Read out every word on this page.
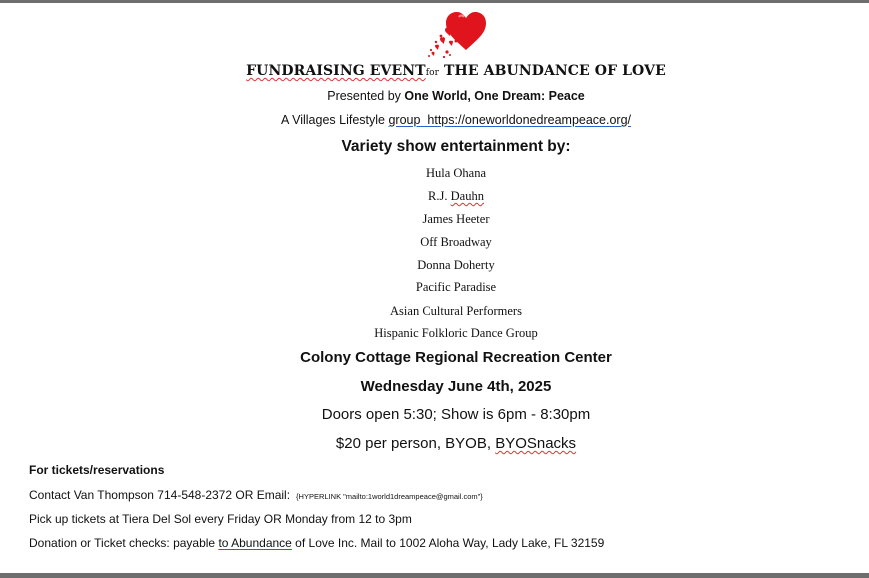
FUNDRAISING EVENTfor THE ABUNDANCE OF LOVE
Presented by One World, One Dream: Peace
A Villages Lifestyle group https://oneworldonedreampeace.org/
Variety show entertainment by:
Hula Ohana
R.J. Dauhn
James Heeter
Off Broadway
Donna Doherty
Pacific Paradise
Asian Cultural Performers
Hispanic Folkloric Dance Group
Colony Cottage Regional Recreation Center
Wednesday June 4th, 2025
Doors open 5:30; Show is 6pm - 8:30pm
$20 per person, BYOB, BYOSnacks
For tickets/reservations
Contact Van Thompson 714-548-2372 OR Email: {HYPERLINK "mailto:1world1dreampeace@gmail.com"}
Pick up tickets at Tiera Del Sol every Friday OR Monday from 12 to 3pm
Donation or Ticket checks: payable to Abundance of Love Inc. Mail to 1002 Aloha Way, Lady Lake, FL 32159
